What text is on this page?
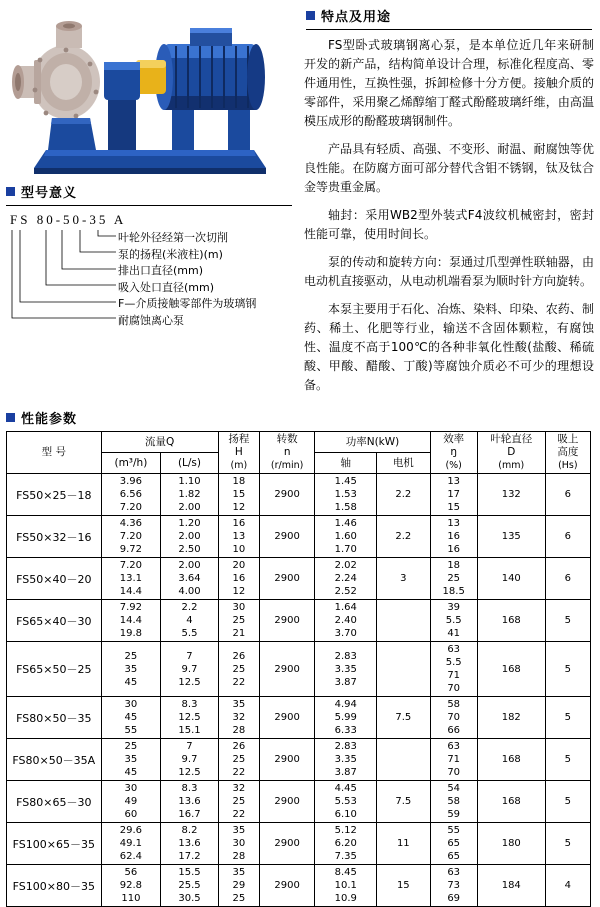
型号意义
FS 80-50-35 A
叶轮外径经第一次切削
泵的扬程(米液柱)(m)
排出口直径(mm)
吸入处口直径(mm)
F—介质接触零部件为玻璃钢
耐腐蚀离心泵
特点及用途

FS型卧式玻璃钢离心泵，是本单位近几年来研制开发的新产品，结构简单设计合理，标准化程度高、零件通用性，互换性强，拆卸检修十分方便。接触介质的零部件，采用聚乙烯醇缩丁醛式酚醛玻璃纤维，由高温模压成形的酚醛玻璃钢制件。

产品具有轻质、高强、不变形、耐温、耐腐蚀等优良性能。在防腐方面可部分替代含钼不锈钢，钛及钛合金等贵重金属。

轴封：采用WB2型外装式F4波纹机械密封，密封性能可靠，使用时间长。

泵的传动和旋转方向：泵通过爪型弹性联轴器，由电动机直接驱动，从电动机端看泵为顺时针方向旋转。

本泵主要用于石化、冶炼、染料、印染、农药、制药、稀土、化肥等行业，输送不含固体颗粒，有腐蚀性、温度不高于100℃的各种非氧化性酸(盐酸、稀硫酸、甲酸、醋酸、丁酸)等腐蚀介质必不可少的理想设备。

性能参数
型 号	流量Q		扬程
H
(m)	转数
n
(r/min)	功率N(kW)		效率
ŋ
(%)	叶轮直径
D
(mm)	吸上
高度
(Hs)
	(m³/h)	(L/s)			轴	电机			
FS50×25－18	3.96
6.56
7.20	1.10
1.82
2.00	18
15
12	2900	1.45
1.53
1.58	2.2	13
17
15	132	6
FS50×32－16	4.36
7.20
9.72	1.20
2.00
2.50	16
13
10	2900	1.46
1.60
1.70	2.2	13
16
16	135	6
FS50×40－20	7.20
13.1
14.4	2.00
3.64
4.00	20
16
12	2900	2.02
2.24
2.52	3	18
25
18.5	140	6
FS65×40－30	7.92
14.4
19.8	2.2
4
5.5	30
25
21	2900	1.64
2.40
3.70		39
5.5
41	168	5
FS65×50－25	25
35
45	7
9.7
12.5	26
25
22	2900	2.83
3.35
3.87		63
5.5
71
70	168	5
FS80×50－35	30
45
55	8.3
12.5
15.1	35
32
28	2900	4.94
5.99
6.33	7.5	58
70
66	182	5
FS80×50－35A	25
35
45	7
9.7
12.5	26
25
22	2900	2.83
3.35
3.87		63
71
70	168	5
FS80×65－30	30
49
60	8.3
13.6
16.7	32
25
22	2900	4.45
5.53
6.10	7.5	54
58
59	168	5
FS100×65－35	29.6
49.1
62.4	8.2
13.6
17.2	35
30
28	2900	5.12
6.20
7.35	11	55
65
65	180	5
FS100×80－35	56
92.8
110	15.5
25.5
30.5	35
29
25	2900	8.45
10.1
10.9	15	63
73
69	184	4
